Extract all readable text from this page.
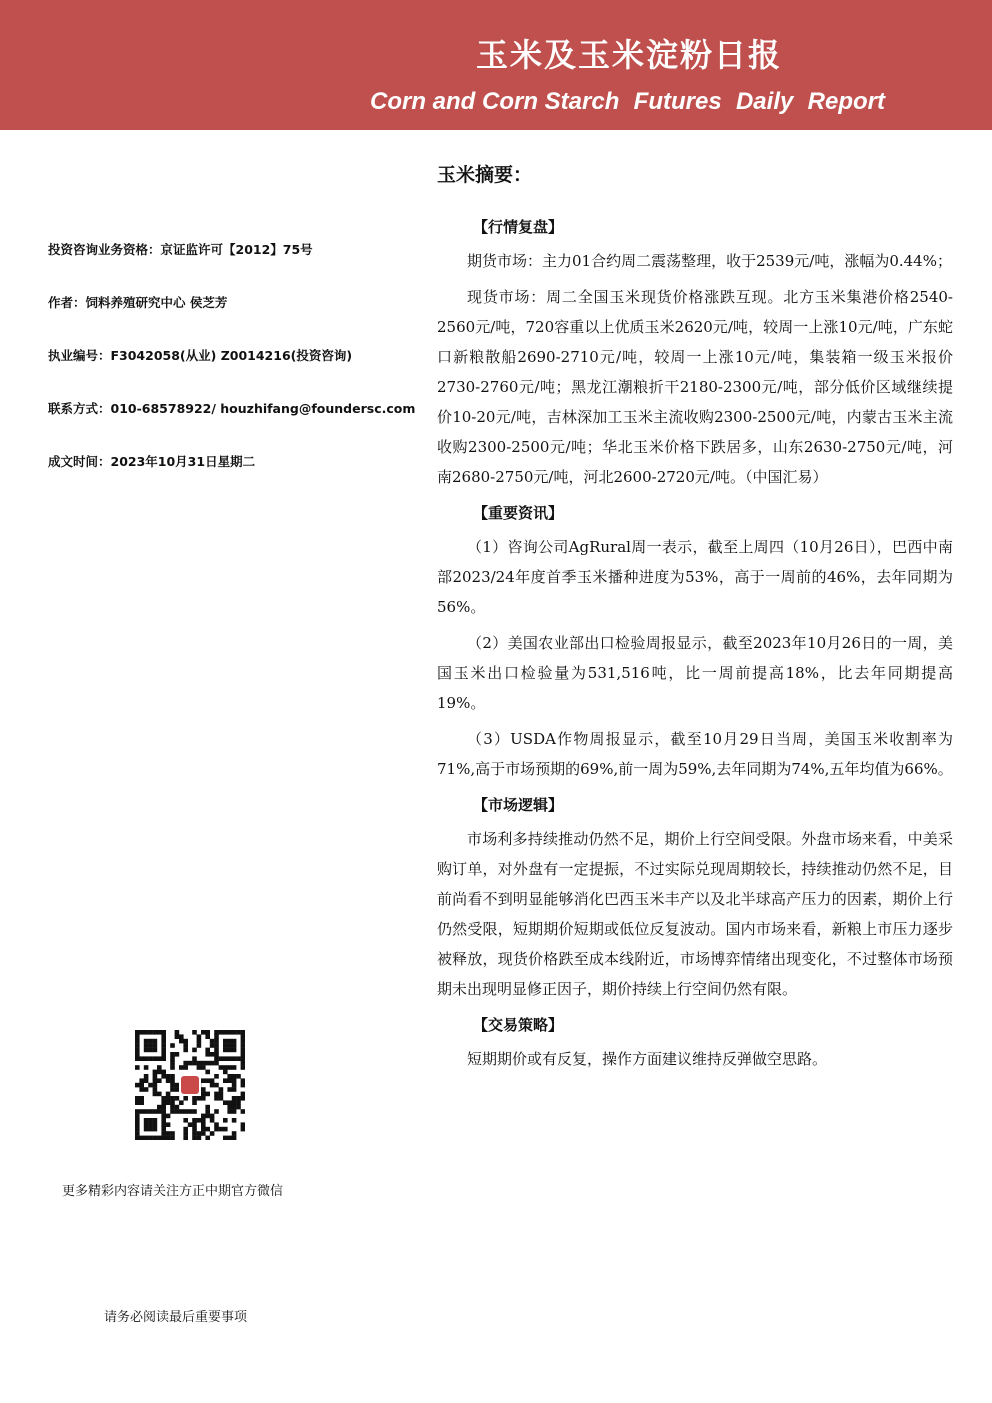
玉米及玉米淀粉日报
Corn and Corn Starch Futures Daily Report
投资咨询业务资格：京证监许可【2012】75号
作者：饲料养殖研究中心 侯芝芳
执业编号：F3042058(从业) Z0014216(投资咨询)
联系方式：010-68578922/ houzhifang@foundersc.com
成文时间：2023年10月31日星期二
更多精彩内容请关注方正中期官方微信
请务必阅读最后重要事项
玉米摘要：
【行情复盘】

期货市场：主力01合约周二震荡整理，收于2539元/吨，涨幅为0.44%；

现货市场：周二全国玉米现货价格涨跌互现。北方玉米集港价格2540-2560元/吨，720容重以上优质玉米2620元/吨，较周一上涨10元/吨，广东蛇口新粮散船2690-2710元/吨，较周一上涨10元/吨，集装箱一级玉米报价2730-2760元/吨；黑龙江潮粮折干2180-2300元/吨，部分低价区域继续提价10-20元/吨，吉林深加工玉米主流收购2300-2500元/吨，内蒙古玉米主流收购2300-2500元/吨；华北玉米价格下跌居多，山东2630-2750元/吨，河南2680-2750元/吨，河北2600-2720元/吨。（中国汇易）

【重要资讯】

（1）咨询公司AgRural周一表示，截至上周四（10月26日），巴西中南部2023/24年度首季玉米播种进度为53%，高于一周前的46%，去年同期为56%。

（2）美国农业部出口检验周报显示，截至2023年10月26日的一周，美国玉米出口检验量为531,516吨，比一周前提高18%，比去年同期提高19%。

（3）USDA作物周报显示，截至10月29日当周，美国玉米收割率为71%,高于市场预期的69%,前一周为59%,去年同期为74%,五年均值为66%。

【市场逻辑】

市场利多持续推动仍然不足，期价上行空间受限。外盘市场来看，中美采购订单，对外盘有一定提振，不过实际兑现周期较长，持续推动仍然不足，目前尚看不到明显能够消化巴西玉米丰产以及北半球高产压力的因素，期价上行仍然受限，短期期价短期或低位反复波动。国内市场来看，新粮上市压力逐步被释放，现货价格跌至成本线附近，市场博弈情绪出现变化，不过整体市场预期未出现明显修正因子，期价持续上行空间仍然有限。

【交易策略】

短期期价或有反复，操作方面建议维持反弹做空思路。
